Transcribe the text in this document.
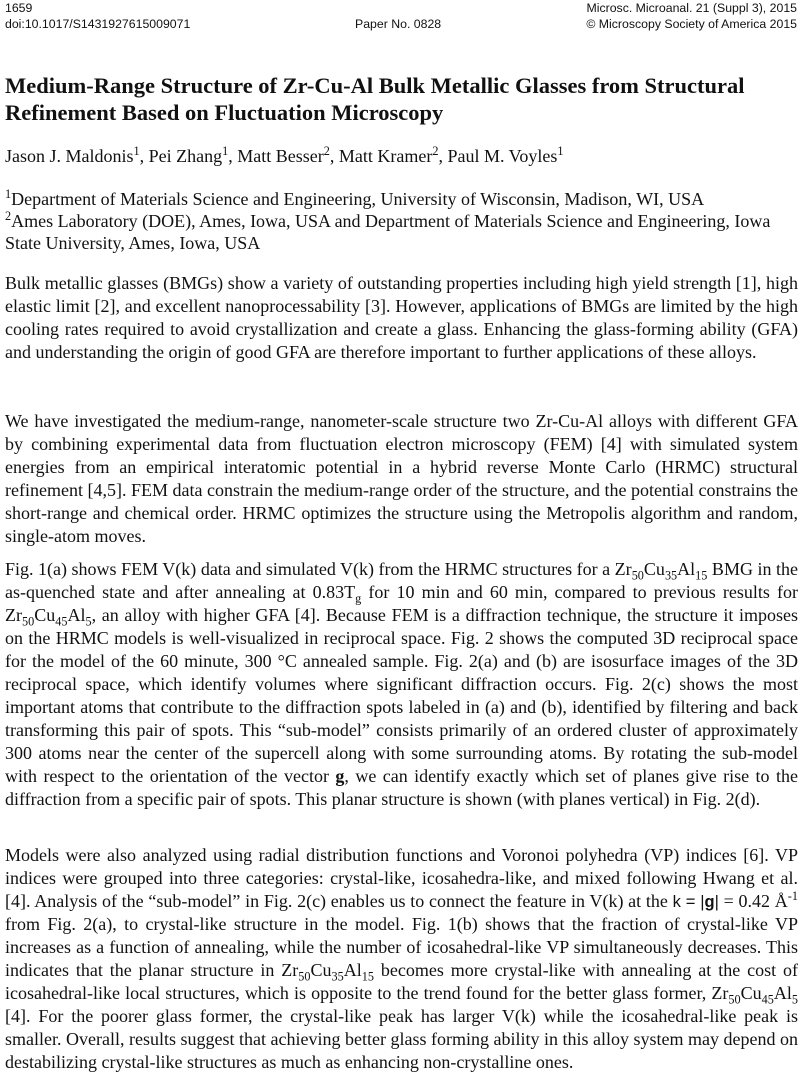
1659	Microsc. Microanal. 21 (Suppl 3), 2015
doi:10.1017/S1431927615009071	Paper No. 0828	© Microscopy Society of America 2015
Medium-Range Structure of Zr-Cu-Al Bulk Metallic Glasses from Structural Refinement Based on Fluctuation Microscopy
Jason J. Maldonis$^1$, Pei Zhang$^1$, Matt Besser$^2$, Matt Kramer$^2$, Paul M. Voyles$^1$
$^1$Department of Materials Science and Engineering, University of Wisconsin, Madison, WI, USA
$^2$Ames Laboratory (DOE), Ames, Iowa, USA and Department of Materials Science and Engineering, Iowa State University, Ames, Iowa, USA
Bulk metallic glasses (BMGs) show a variety of outstanding properties including high yield strength [1], high elastic limit [2], and excellent nanoprocessability [3]. However, applications of BMGs are limited by the high cooling rates required to avoid crystallization and create a glass. Enhancing the glass-forming ability (GFA) and understanding the origin of good GFA are therefore important to further applications of these alloys.
We have investigated the medium-range, nanometer-scale structure two Zr-Cu-Al alloys with different GFA by combining experimental data from fluctuation electron microscopy (FEM) [4] with simulated system energies from an empirical interatomic potential in a hybrid reverse Monte Carlo (HRMC) structural refinement [4,5]. FEM data constrain the medium-range order of the structure, and the potential constrains the short-range and chemical order. HRMC optimizes the structure using the Metropolis algorithm and random, single-atom moves.
Fig. 1(a) shows FEM V(k) data and simulated V(k) from the HRMC structures for a $Zr_{50}Cu_{35}Al_{15}$ BMG in the as-quenched state and after annealing at $0.83T_g$ for 10 min and 60 min, compared to previous results for $Zr_{50}Cu_{45}Al_5$, an alloy with higher GFA [4]. Because FEM is a diffraction technique, the structure it imposes on the HRMC models is well-visualized in reciprocal space. Fig. 2 shows the computed 3D reciprocal space for the model of the 60 minute, 300 °C annealed sample. Fig. 2(a) and (b) are isosurface images of the 3D reciprocal space, which identify volumes where significant diffraction occurs. Fig. 2(c) shows the most important atoms that contribute to the diffraction spots labeled in (a) and (b), identified by filtering and back transforming this pair of spots. This “sub-model” consists primarily of an ordered cluster of approximately 300 atoms near the center of the supercell along with some surrounding atoms. By rotating the sub-model with respect to the orientation of the vector g, we can identify exactly which set of planes give rise to the diffraction from a specific pair of spots. This planar structure is shown (with planes vertical) in Fig. 2(d).
Models were also analyzed using radial distribution functions and Voronoi polyhedra (VP) indices [6]. VP indices were grouped into three categories: crystal-like, icosahedra-like, and mixed following Hwang et al. [4]. Analysis of the “sub-model” in Fig. 2(c) enables us to connect the feature in V(k) at the k = |g| = 0.42 $Å^{-1}$ from Fig. 2(a), to crystal-like structure in the model. Fig. 1(b) shows that the fraction of crystal-like VP increases as a function of annealing, while the number of icosahedral-like VP simultaneously decreases. This indicates that the planar structure in $Zr_{50}Cu_{35}Al_{15}$ becomes more crystal-like with annealing at the cost of icosahedral-like local structures, which is opposite to the trend found for the better glass former, $Zr_{50}Cu_{45}Al_5$ [4]. For the poorer glass former, the crystal-like peak has larger V(k) while the icosahedral-like peak is smaller. Overall, results suggest that achieving better glass forming ability in this alloy system may depend on destabilizing crystal-like structures as much as enhancing non-crystalline ones.
